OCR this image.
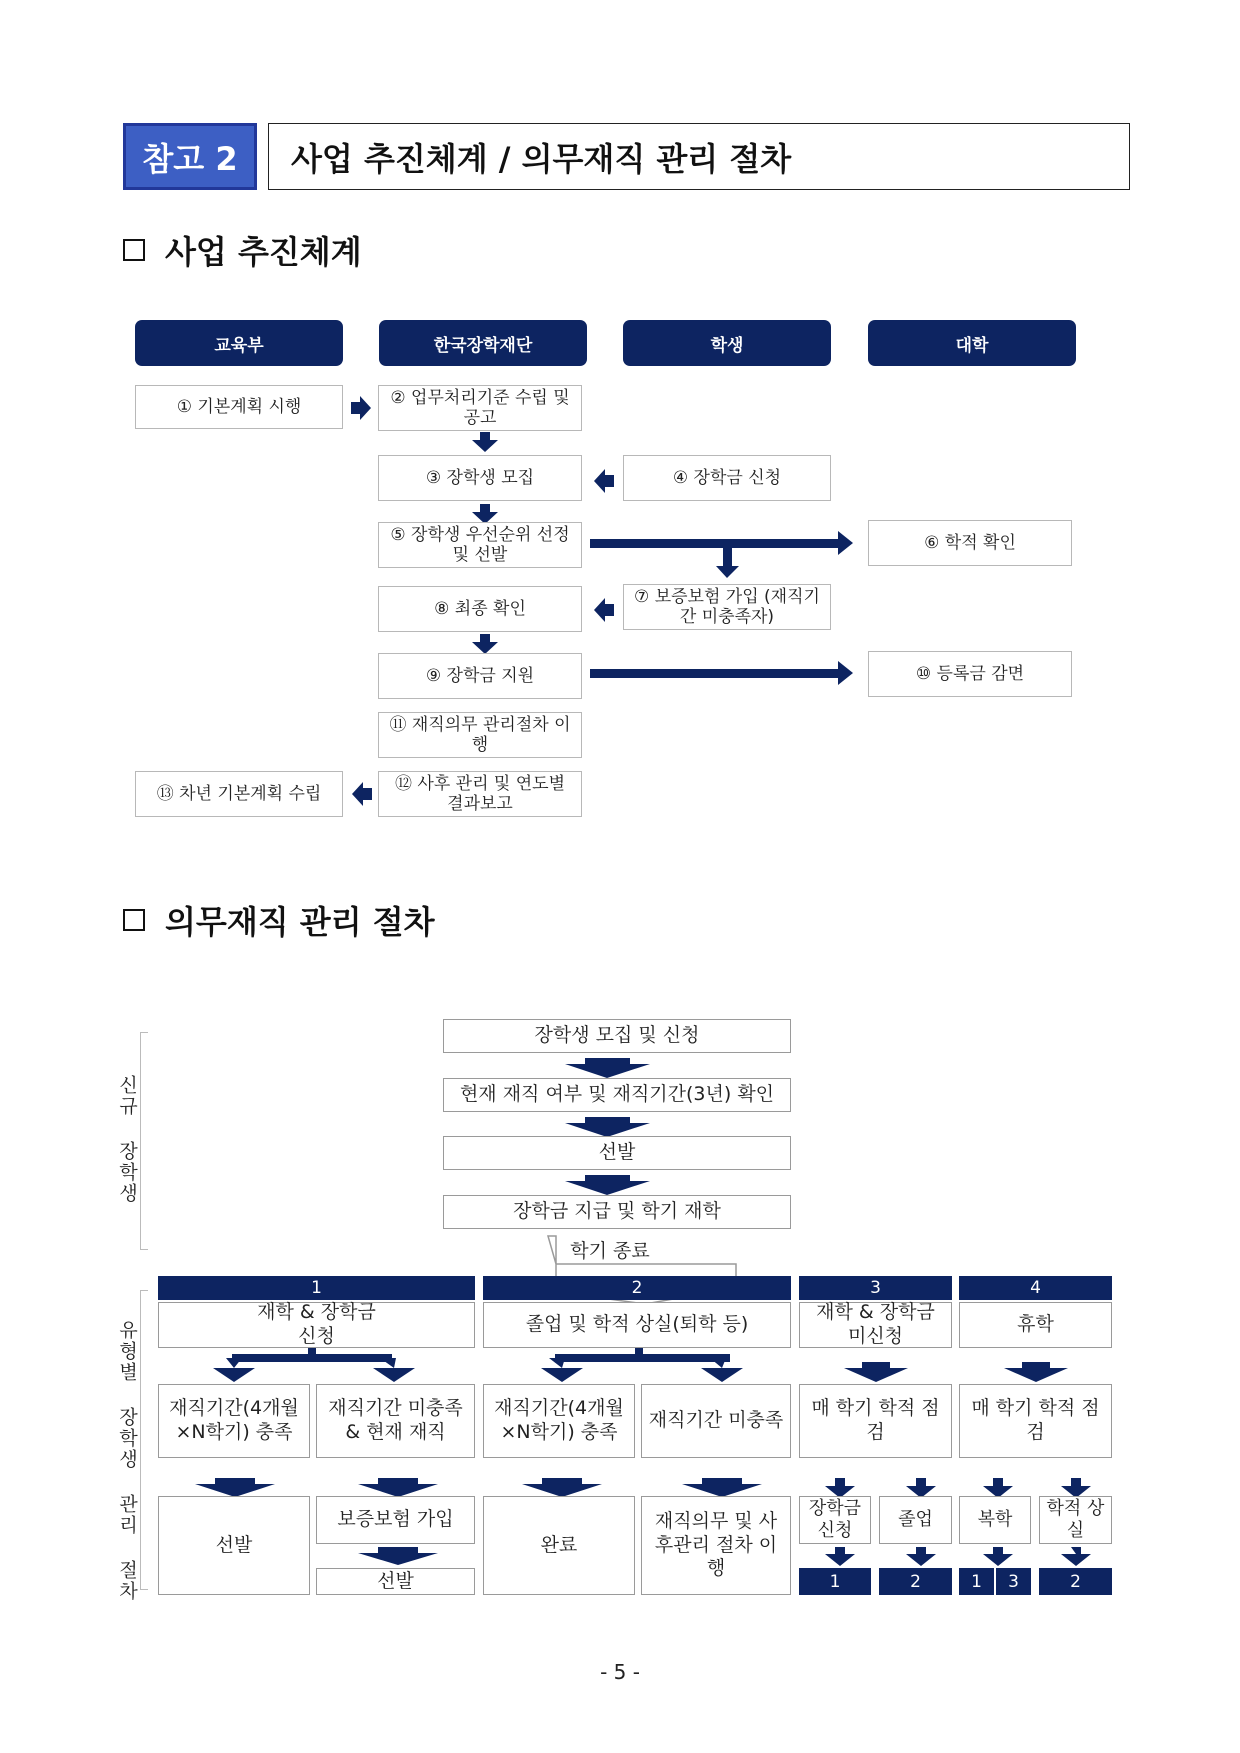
참고 2	사업 추진체계 / 의무재직 관리 절차
사업 추진체계
교육부	한국장학재단	학생	대학
① 기본계획 시행	② 업무처리기준 수립 및 공고
③ 장학생 모집	④ 장학금 신청
⑤ 장학생 우선순위 선정 및 선발
⑥ 학적 확인
⑦ 보증보험 가입 (재직기간 미충족자)
⑧ 최종 확인
⑨ 장학금 지원	⑩ 등록금 감면
⑪ 재직의무 관리절차 이행
⑫ 사후 관리 및 연도별 결과보고
⑬ 차년 기본계획 수립
의무재직 관리 절차
신규 장학생
유형별 장학생 관리 절차
장학생 모집 및 신청
현재 재직 여부 및 재직기간(3년) 확인
선발
장학금 지급 및 학기 재학
학기 종료
1	2	3	4
재학 & 장학금 신청
졸업 및 학적 상실(퇴학 등)
재학 & 장학금 미신청
휴학
재직기간(4개월 ×N학기) 충족
재직기간 미충족 & 현재 재직
재직기간(4개월 ×N학기) 충족
재직기간 미충족
매 학기 학적 점검
매 학기 학적 점검
선발
보증보험 가입
선발
완료
재직의무 및 사후관리 절차 이행
장학금 신청
졸업	복학
학적 상실
1	2	1	3	2
- 5 -
